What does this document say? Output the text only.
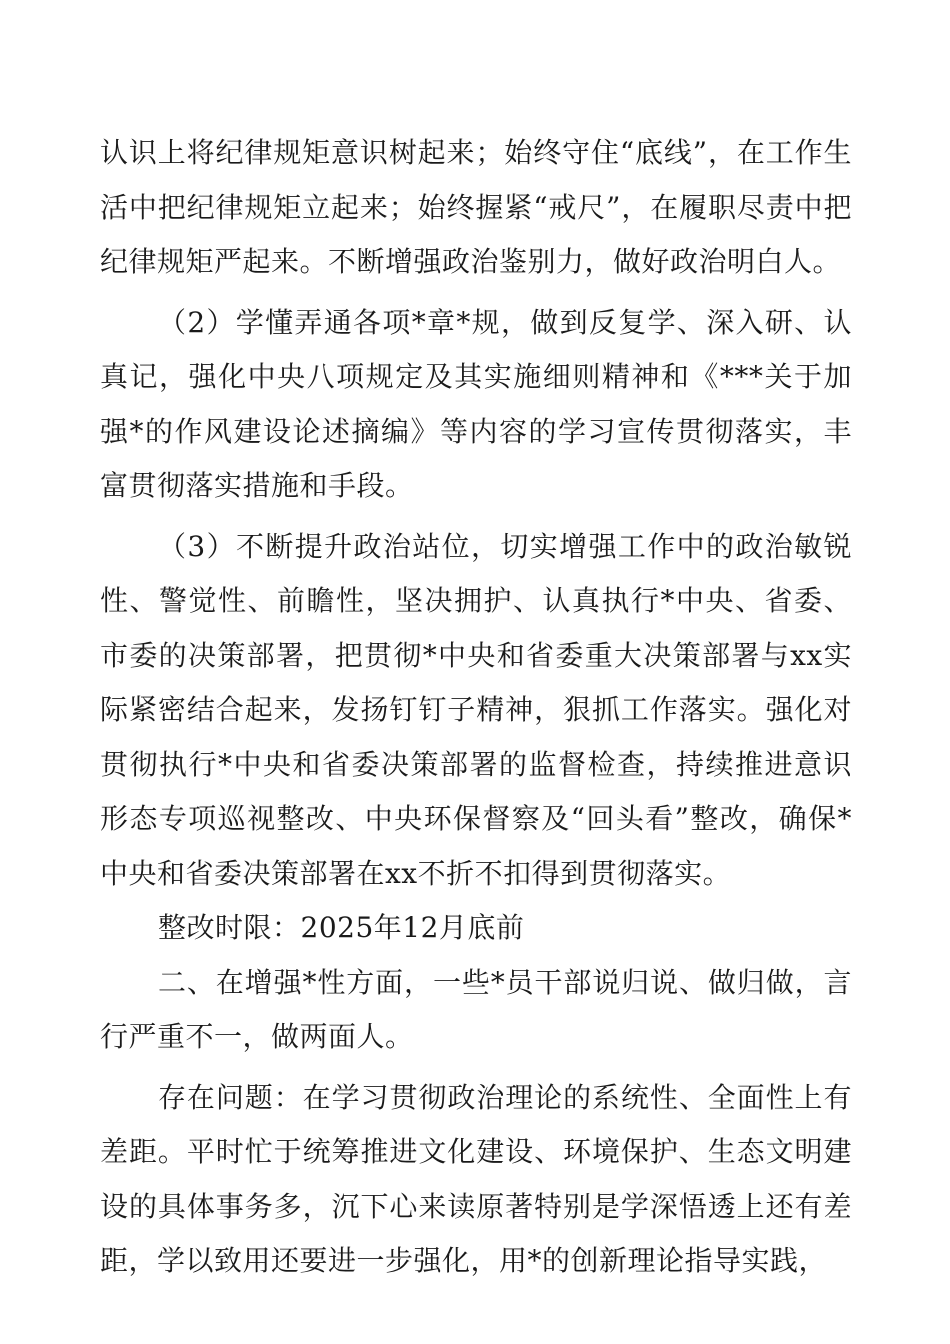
认识上将纪律规矩意识树起来；始终守住“底线”，在工作生活中把纪律规矩立起来；始终握紧“戒尺”，在履职尽责中把纪律规矩严起来。不断增强政治鉴别力，做好政治明白人。

（2）学懂弄通各项*章*规，做到反复学、深入研、认真记，强化中央八项规定及其实施细则精神和《***关于加强*的作风建设论述摘编》等内容的学习宣传贯彻落实，丰富贯彻落实措施和手段。

（3）不断提升政治站位，切实增强工作中的政治敏锐性、警觉性、前瞻性，坚决拥护、认真执行*中央、省委、市委的决策部署，把贯彻*中央和省委重大决策部署与xx实际紧密结合起来，发扬钉钉子精神，狠抓工作落实。强化对贯彻执行*中央和省委决策部署的监督检查，持续推进意识形态专项巡视整改、中央环保督察及“回头看”整改，确保*中央和省委决策部署在xx不折不扣得到贯彻落实。

整改时限：2025年12月底前

二、在增强*性方面，一些*员干部说归说、做归做，言行严重不一，做两面人。

存在问题：在学习贯彻政治理论的系统性、全面性上有差距。平时忙于统筹推进文化建设、环境保护、生态文明建设的具体事务多，沉下心来读原著特别是学深悟透上还有差距，学以致用还要进一步强化，用*的创新理论指导实践，
